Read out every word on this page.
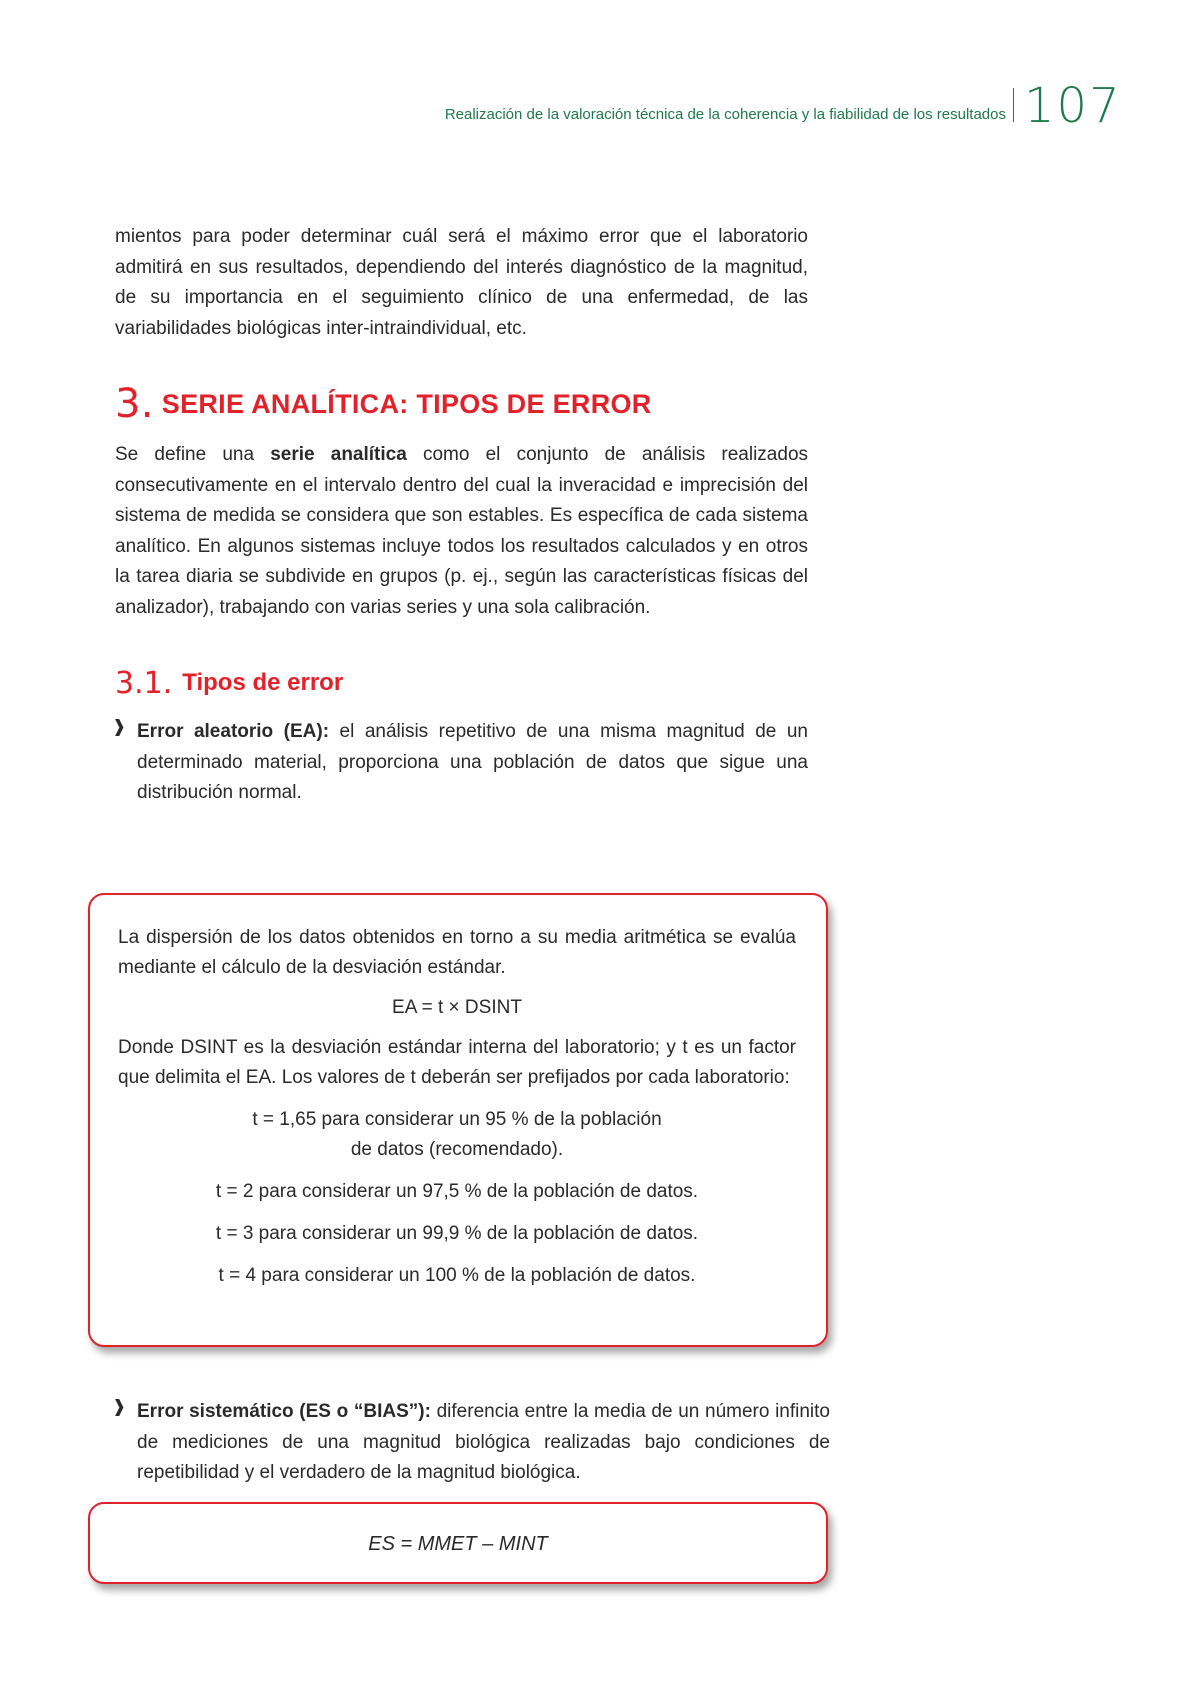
Realización de la valoración técnica de la coherencia y la fiabilidad de los resultados 107

mientos para poder determinar cuál será el máximo error que el laboratorio admitirá en sus resultados, dependiendo del interés diagnóstico de la magnitud, de su importancia en el seguimiento clínico de una enfermedad, de las variabilidades biológicas inter-intraindividual, etc.

3. SERIE ANALÍTICA: TIPOS DE ERROR

Se define una serie analítica como el conjunto de análisis realizados consecutivamente en el intervalo dentro del cual la inveracidad e imprecisión del sistema de medida se considera que son estables. Es específica de cada sistema analítico. En algunos sistemas incluye todos los resultados calculados y en otros la tarea diaria se subdivide en grupos (p. ej., según las características físicas del analizador), trabajando con varias series y una sola calibración.

3.1. Tipos de error
❱ Error aleatorio (EA): el análisis repetitivo de una misma magnitud de un determinado material, proporciona una población de datos que sigue una distribución normal.

La dispersión de los datos obtenidos en torno a su media aritmética se evalúa mediante el cálculo de la desviación estándar.

EA = t × DSINT

Donde DSINT es la desviación estándar interna del laboratorio; y t es un factor que delimita el EA. Los valores de t deberán ser prefijados por cada laboratorio:

t = 1,65 para considerar un 95 % de la población

de datos (recomendado).

t = 2 para considerar un 97,5 % de la población de datos.

t = 3 para considerar un 99,9 % de la población de datos.

t = 4 para considerar un 100 % de la población de datos.

❱ Error sistemático (ES o “BIAS”): diferencia entre la media de un número infinito de mediciones de una magnitud biológica realizadas bajo condiciones de repetibilidad y el verdadero de la magnitud biológica.

ES = MMET – MINT
